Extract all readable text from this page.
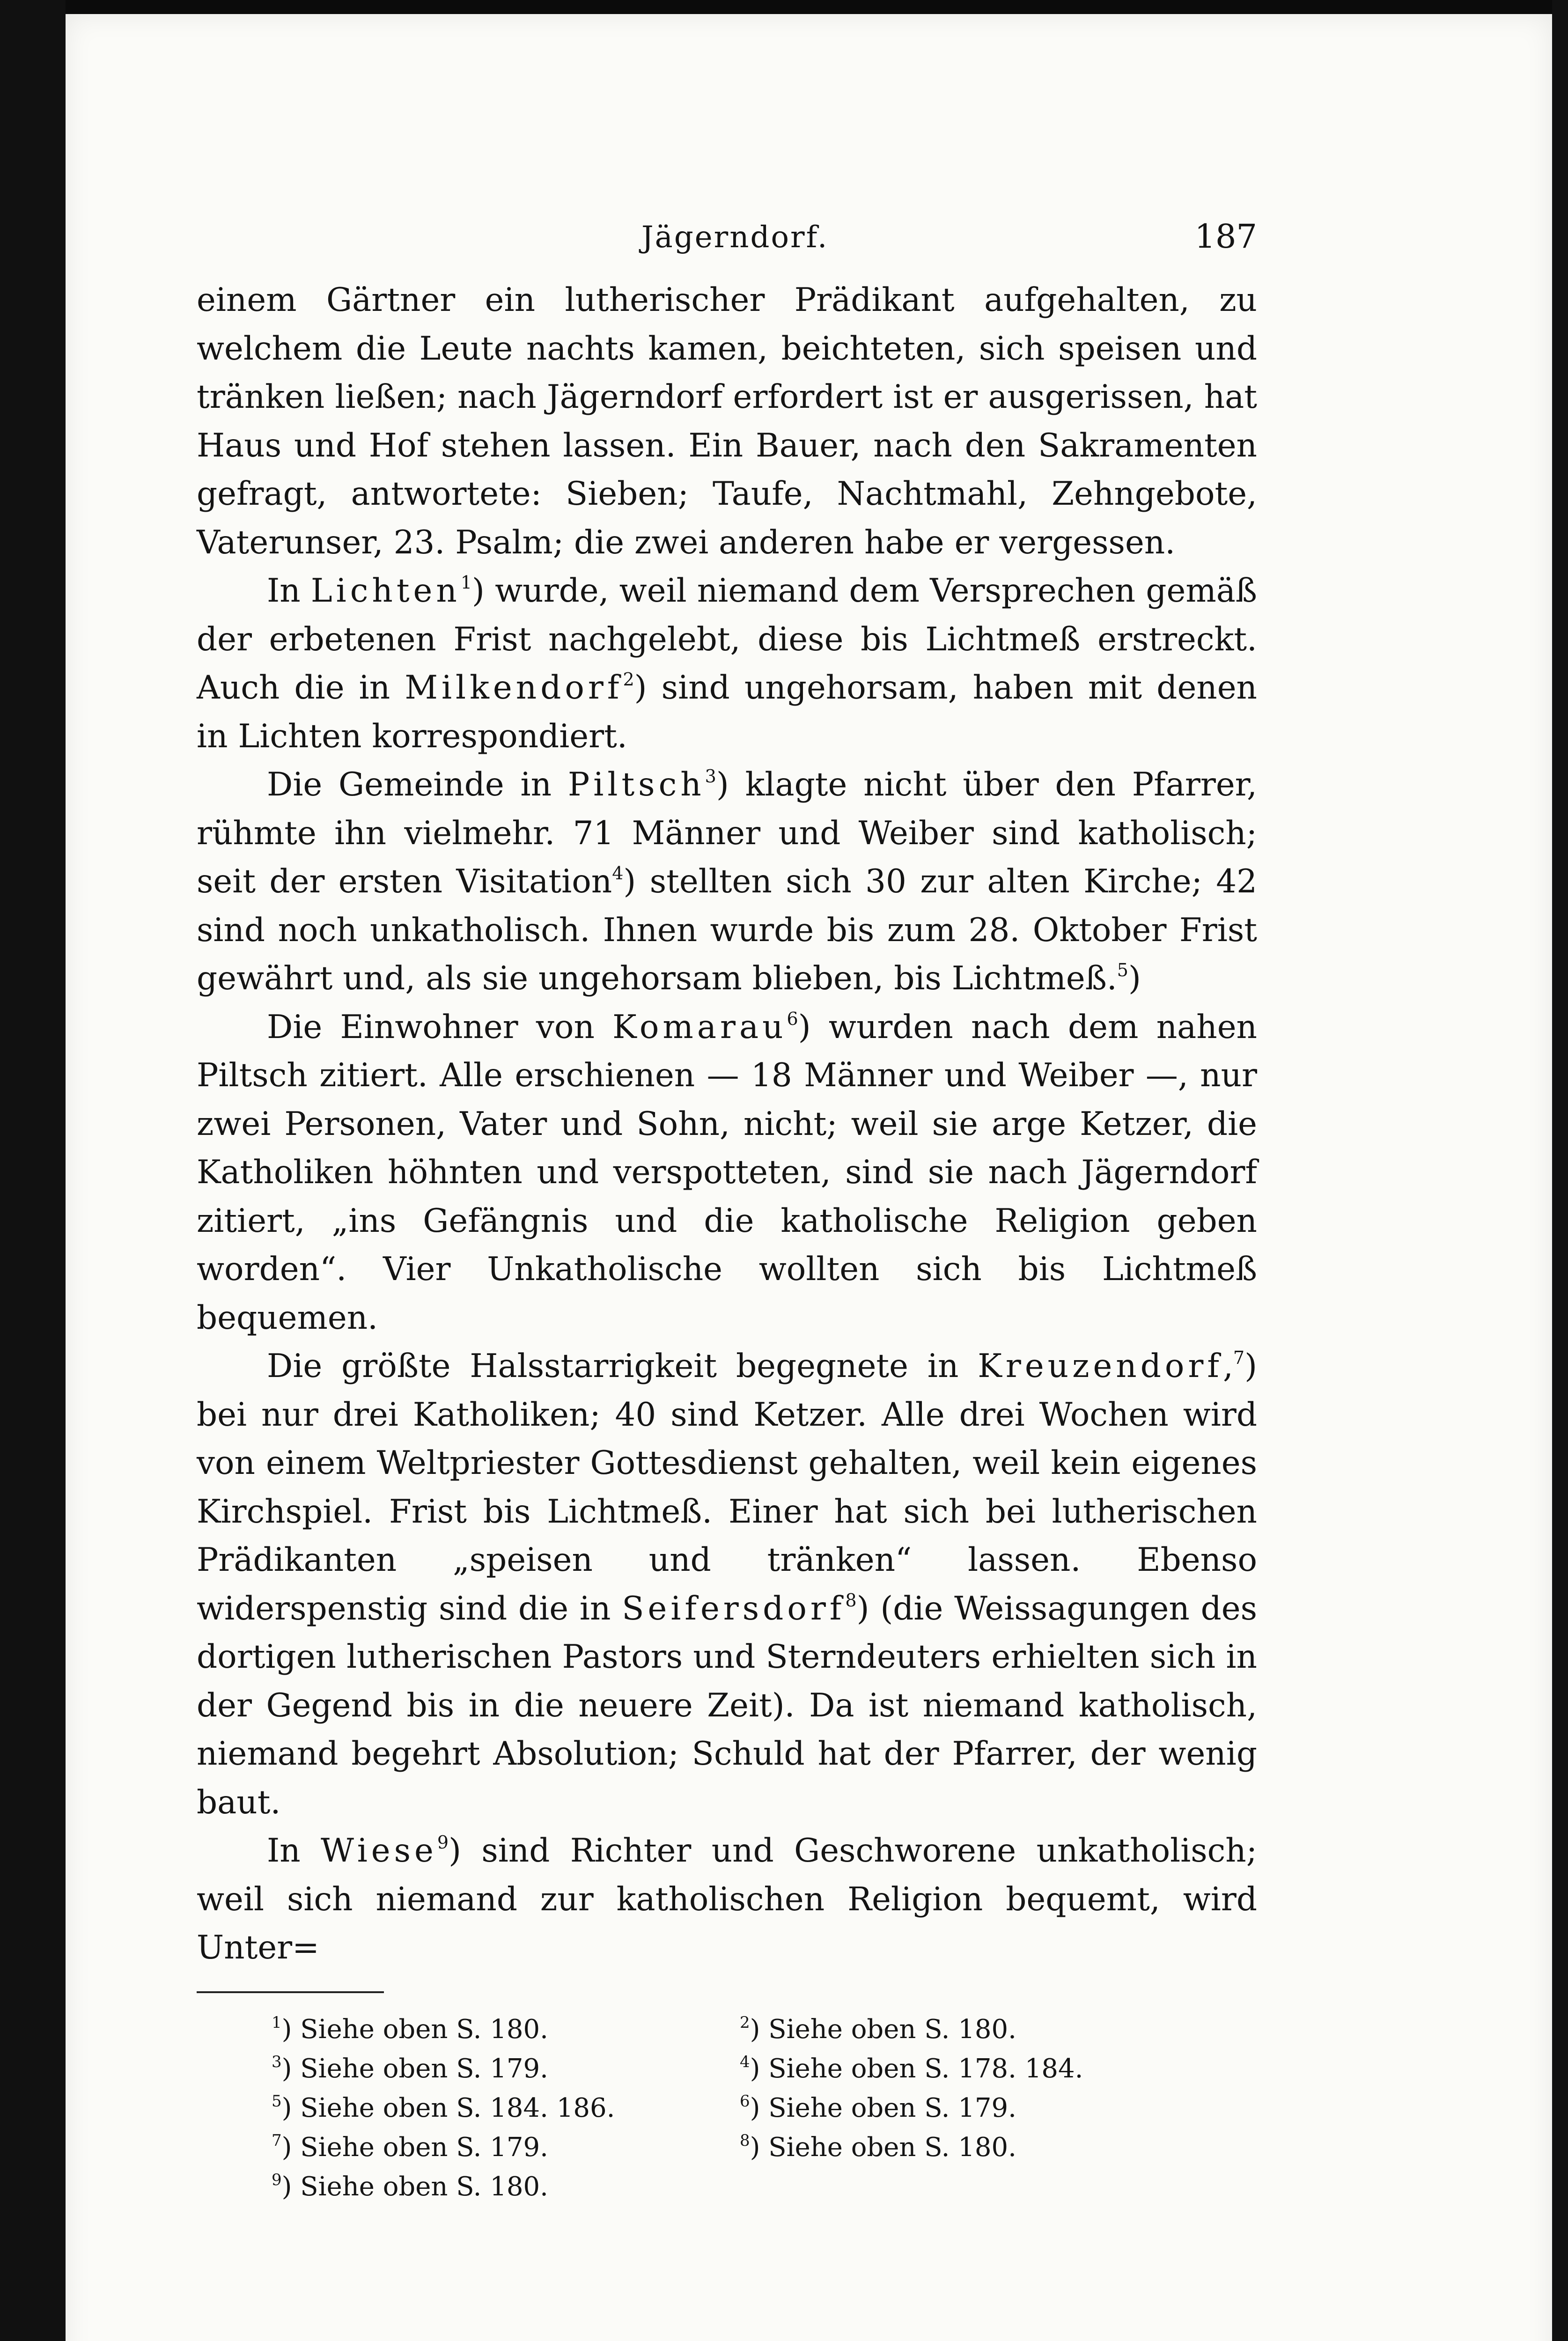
Jägerndorf.	187

einem Gärtner ein lutherischer Prädikant aufgehalten, zu welchem die Leute nachts kamen, beichteten, sich speisen und tränken ließen; nach Jägerndorf erfordert ist er ausgerissen, hat Haus und Hof stehen lassen. Ein Bauer, nach den Sakramenten gefragt, antwortete: Sieben; Taufe, Nachtmahl, Zehngebote, Vaterunser, 23. Psalm; die zwei anderen habe er vergessen.

In Lichten$^1$) wurde, weil niemand dem Versprechen gemäß der erbetenen Frist nachgelebt, diese bis Lichtmeß erstreckt. Auch die in Milkendorf$^2$) sind ungehorsam, haben mit denen in Lichten korrespondiert.

Die Gemeinde in Piltsch$^3$) klagte nicht über den Pfarrer, rühmte ihn vielmehr. 71 Männer und Weiber sind katholisch; seit der ersten Visitation$^4$) stellten sich 30 zur alten Kirche; 42 sind noch unkatholisch. Ihnen wurde bis zum 28. Oktober Frist gewährt und, als sie ungehorsam blieben, bis Lichtmeß.$^5$)

Die Einwohner von Komarau$^6$) wurden nach dem nahen Piltsch zitiert. Alle erschienen — 18 Männer und Weiber —, nur zwei Personen, Vater und Sohn, nicht; weil sie arge Ketzer, die Katholiken höhnten und verspotteten, sind sie nach Jägerndorf zitiert, „ins Gefängnis und die katholische Religion geben worden“. Vier Unkatholische wollten sich bis Lichtmeß bequemen.

Die größte Halsstarrigkeit begegnete in Kreuzendorf,$^7$) bei nur drei Katholiken; 40 sind Ketzer. Alle drei Wochen wird von einem Weltpriester Gottesdienst gehalten, weil kein eigenes Kirchspiel. Frist bis Lichtmeß. Einer hat sich bei lutherischen Prädikanten „speisen und tränken“ lassen. Ebenso widerspenstig sind die in Seifersdorf$^8$) (die Weissagungen des dortigen lutherischen Pastors und Sterndeuters erhielten sich in der Gegend bis in die neuere Zeit). Da ist niemand katholisch, niemand begehrt Absolution; Schuld hat der Pfarrer, der wenig baut.

In Wiese$^9$) sind Richter und Geschworene unkatholisch; weil sich niemand zur katholischen Religion bequemt, wird Unter=

$^1$) Siehe oben S. 180.	$^2$) Siehe oben S. 180.
$^3$) Siehe oben S. 179.	$^4$) Siehe oben S. 178. 184.
$^5$) Siehe oben S. 184. 186.	$^6$) Siehe oben S. 179.
$^7$) Siehe oben S. 179.	$^8$) Siehe oben S. 180.
$^9$) Siehe oben S. 180.
